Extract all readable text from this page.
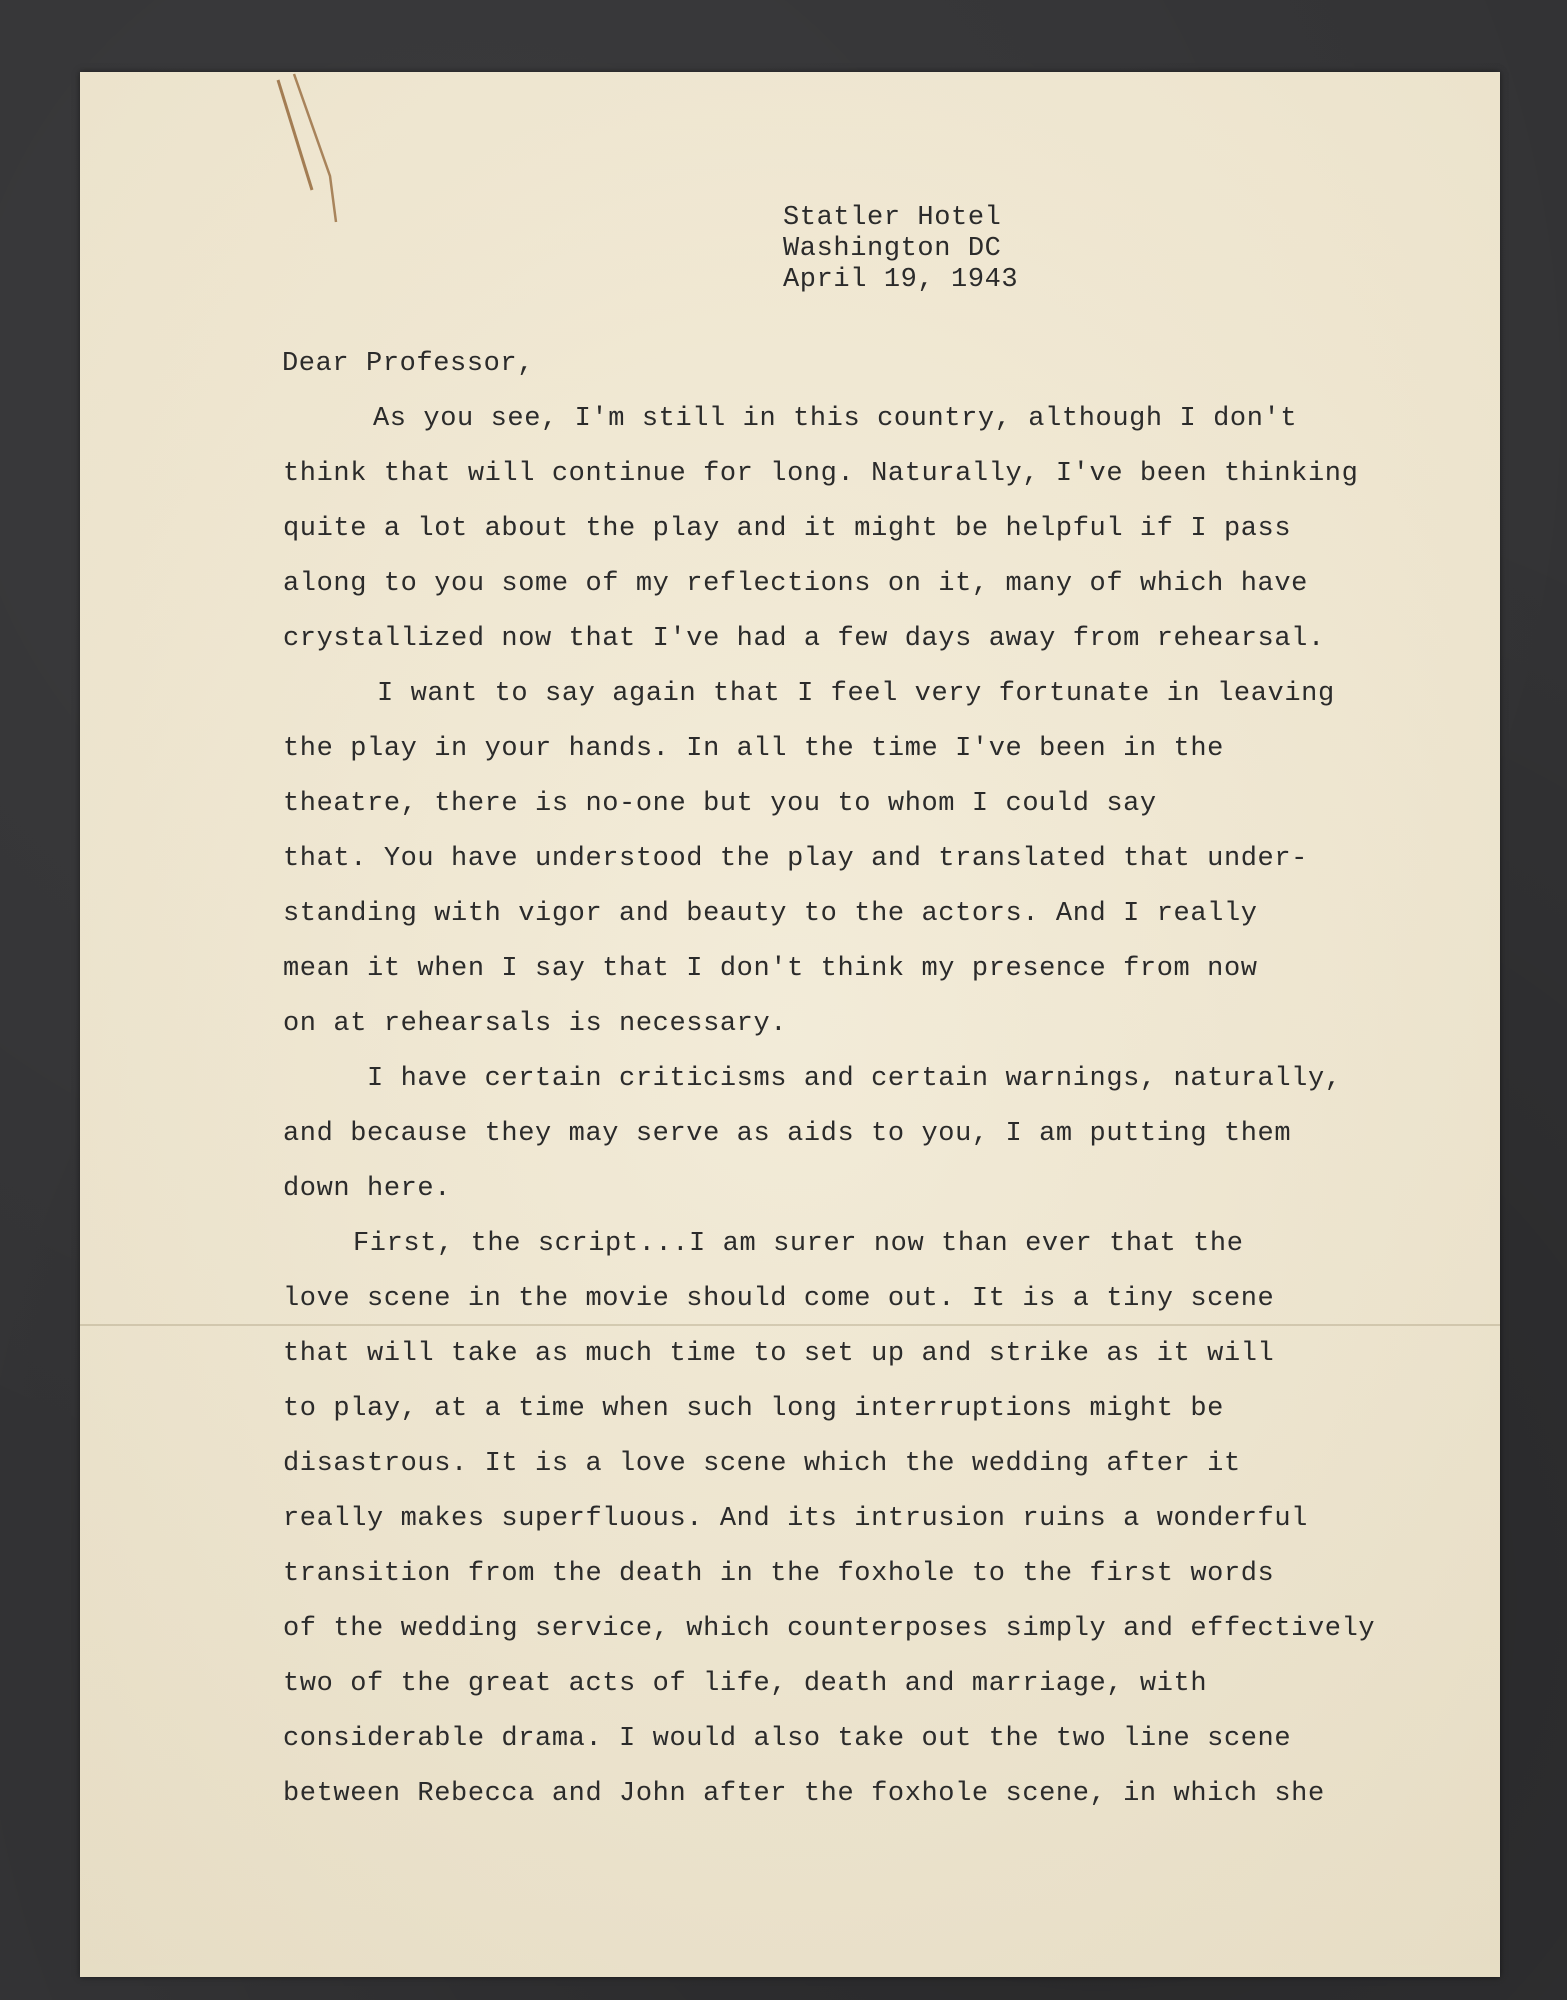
Statler Hotel
Washington DC
April 19, 1943
Dear Professor,
As you see, I'm still in this country, although I don't
think that will continue for long. Naturally, I've been thinking
quite a lot about the play and it might be helpful if I pass
along to you some of my reflections on it, many of which have
crystallized now that I've had a few days away from rehearsal.
I want to say again that I feel very fortunate in leaving
the play in your hands. In all the time I've been in the
theatre, there is no-one but you to whom I could say
that. You have understood the play and translated that under-
standing with vigor and beauty to the actors. And I really
mean it when I say that I don't think my presence from now
on at rehearsals is necessary.
I have certain criticisms and certain warnings, naturally,
and because they may serve as aids to you, I am putting them
down here.
First, the script...I am surer now than ever that the
love scene in the movie should come out. It is a tiny scene
that will take as much time to set up and strike as it will
to play, at a time when such long interruptions might be
disastrous. It is a love scene which the wedding after it
really makes superfluous. And its intrusion ruins a wonderful
transition from the death in the foxhole to the first words
of the wedding service, which counterposes simply and effectively
two of the great acts of life, death and marriage, with
considerable drama. I would also take out the two line scene
between Rebecca and John after the foxhole scene, in which she
